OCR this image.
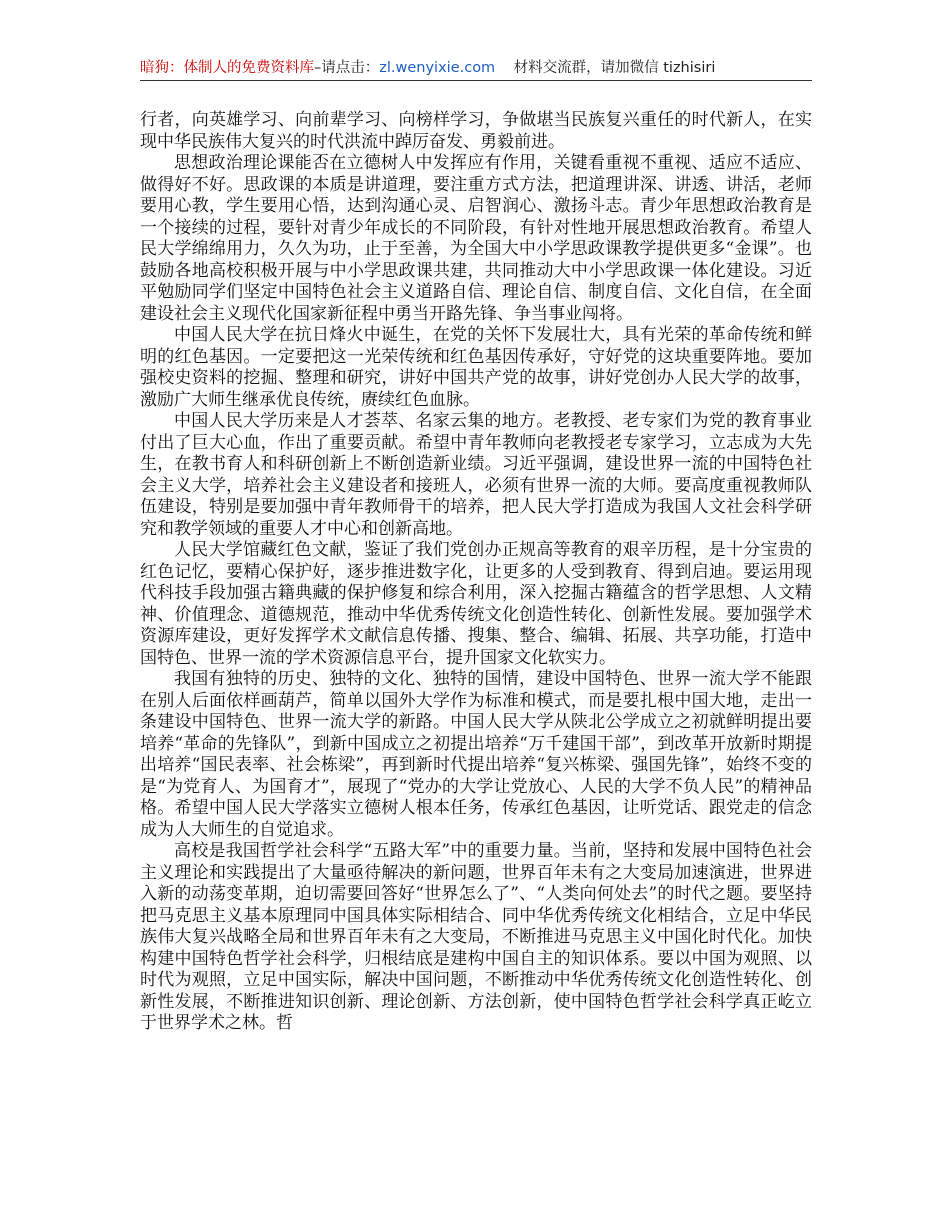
暗狗：体制人的免费资料库–请点击：zl.wenyixie.com 材料交流群，请加微信 tizhisiri

行者，向英雄学习、向前辈学习、向榜样学习，争做堪当民族复兴重任的时代新人，在实现中华民族伟大复兴的时代洪流中踔厉奋发、勇毅前进。

思想政治理论课能否在立德树人中发挥应有作用，关键看重视不重视、适应不适应、做得好不好。思政课的本质是讲道理，要注重方式方法，把道理讲深、讲透、讲活，老师要用心教，学生要用心悟，达到沟通心灵、启智润心、激扬斗志。青少年思想政治教育是一个接续的过程，要针对青少年成长的不同阶段，有针对性地开展思想政治教育。希望人民大学绵绵用力，久久为功，止于至善，为全国大中小学思政课教学提供更多“金课”。也鼓励各地高校积极开展与中小学思政课共建，共同推动大中小学思政课一体化建设。习近平勉励同学们坚定中国特色社会主义道路自信、理论自信、制度自信、文化自信，在全面建设社会主义现代化国家新征程中勇当开路先锋、争当事业闯将。

中国人民大学在抗日烽火中诞生，在党的关怀下发展壮大，具有光荣的革命传统和鲜明的红色基因。一定要把这一光荣传统和红色基因传承好，守好党的这块重要阵地。要加强校史资料的挖掘、整理和研究，讲好中国共产党的故事，讲好党创办人民大学的故事，激励广大师生继承优良传统，赓续红色血脉。

中国人民大学历来是人才荟萃、名家云集的地方。老教授、老专家们为党的教育事业付出了巨大心血，作出了重要贡献。希望中青年教师向老教授老专家学习，立志成为大先生，在教书育人和科研创新上不断创造新业绩。习近平强调，建设世界一流的中国特色社会主义大学，培养社会主义建设者和接班人，必须有世界一流的大师。要高度重视教师队伍建设，特别是要加强中青年教师骨干的培养，把人民大学打造成为我国人文社会科学研究和教学领域的重要人才中心和创新高地。

人民大学馆藏红色文献，鉴证了我们党创办正规高等教育的艰辛历程，是十分宝贵的红色记忆，要精心保护好，逐步推进数字化，让更多的人受到教育、得到启迪。要运用现代科技手段加强古籍典藏的保护修复和综合利用，深入挖掘古籍蕴含的哲学思想、人文精神、价值理念、道德规范，推动中华优秀传统文化创造性转化、创新性发展。要加强学术资源库建设，更好发挥学术文献信息传播、搜集、整合、编辑、拓展、共享功能，打造中国特色、世界一流的学术资源信息平台，提升国家文化软实力。

我国有独特的历史、独特的文化、独特的国情，建设中国特色、世界一流大学不能跟在别人后面依样画葫芦，简单以国外大学作为标准和模式，而是要扎根中国大地，走出一条建设中国特色、世界一流大学的新路。中国人民大学从陕北公学成立之初就鲜明提出要培养“革命的先锋队”，到新中国成立之初提出培养“万千建国干部”，到改革开放新时期提出培养“国民表率、社会栋梁”，再到新时代提出培养“复兴栋梁、强国先锋”，始终不变的是“为党育人、为国育才”，展现了“党办的大学让党放心、人民的大学不负人民”的精神品格。希望中国人民大学落实立德树人根本任务，传承红色基因，让听党话、跟党走的信念成为人大师生的自觉追求。

高校是我国哲学社会科学“五路大军”中的重要力量。当前，坚持和发展中国特色社会主义理论和实践提出了大量亟待解决的新问题，世界百年未有之大变局加速演进，世界进入新的动荡变革期，迫切需要回答好“世界怎么了”、“人类向何处去”的时代之题。要坚持把马克思主义基本原理同中国具体实际相结合、同中华优秀传统文化相结合，立足中华民族伟大复兴战略全局和世界百年未有之大变局，不断推进马克思主义中国化时代化。加快构建中国特色哲学社会科学，归根结底是建构中国自主的知识体系。要以中国为观照、以时代为观照，立足中国实际，解决中国问题，不断推动中华优秀传统文化创造性转化、创新性发展，不断推进知识创新、理论创新、方法创新，使中国特色哲学社会科学真正屹立于世界学术之林。哲
